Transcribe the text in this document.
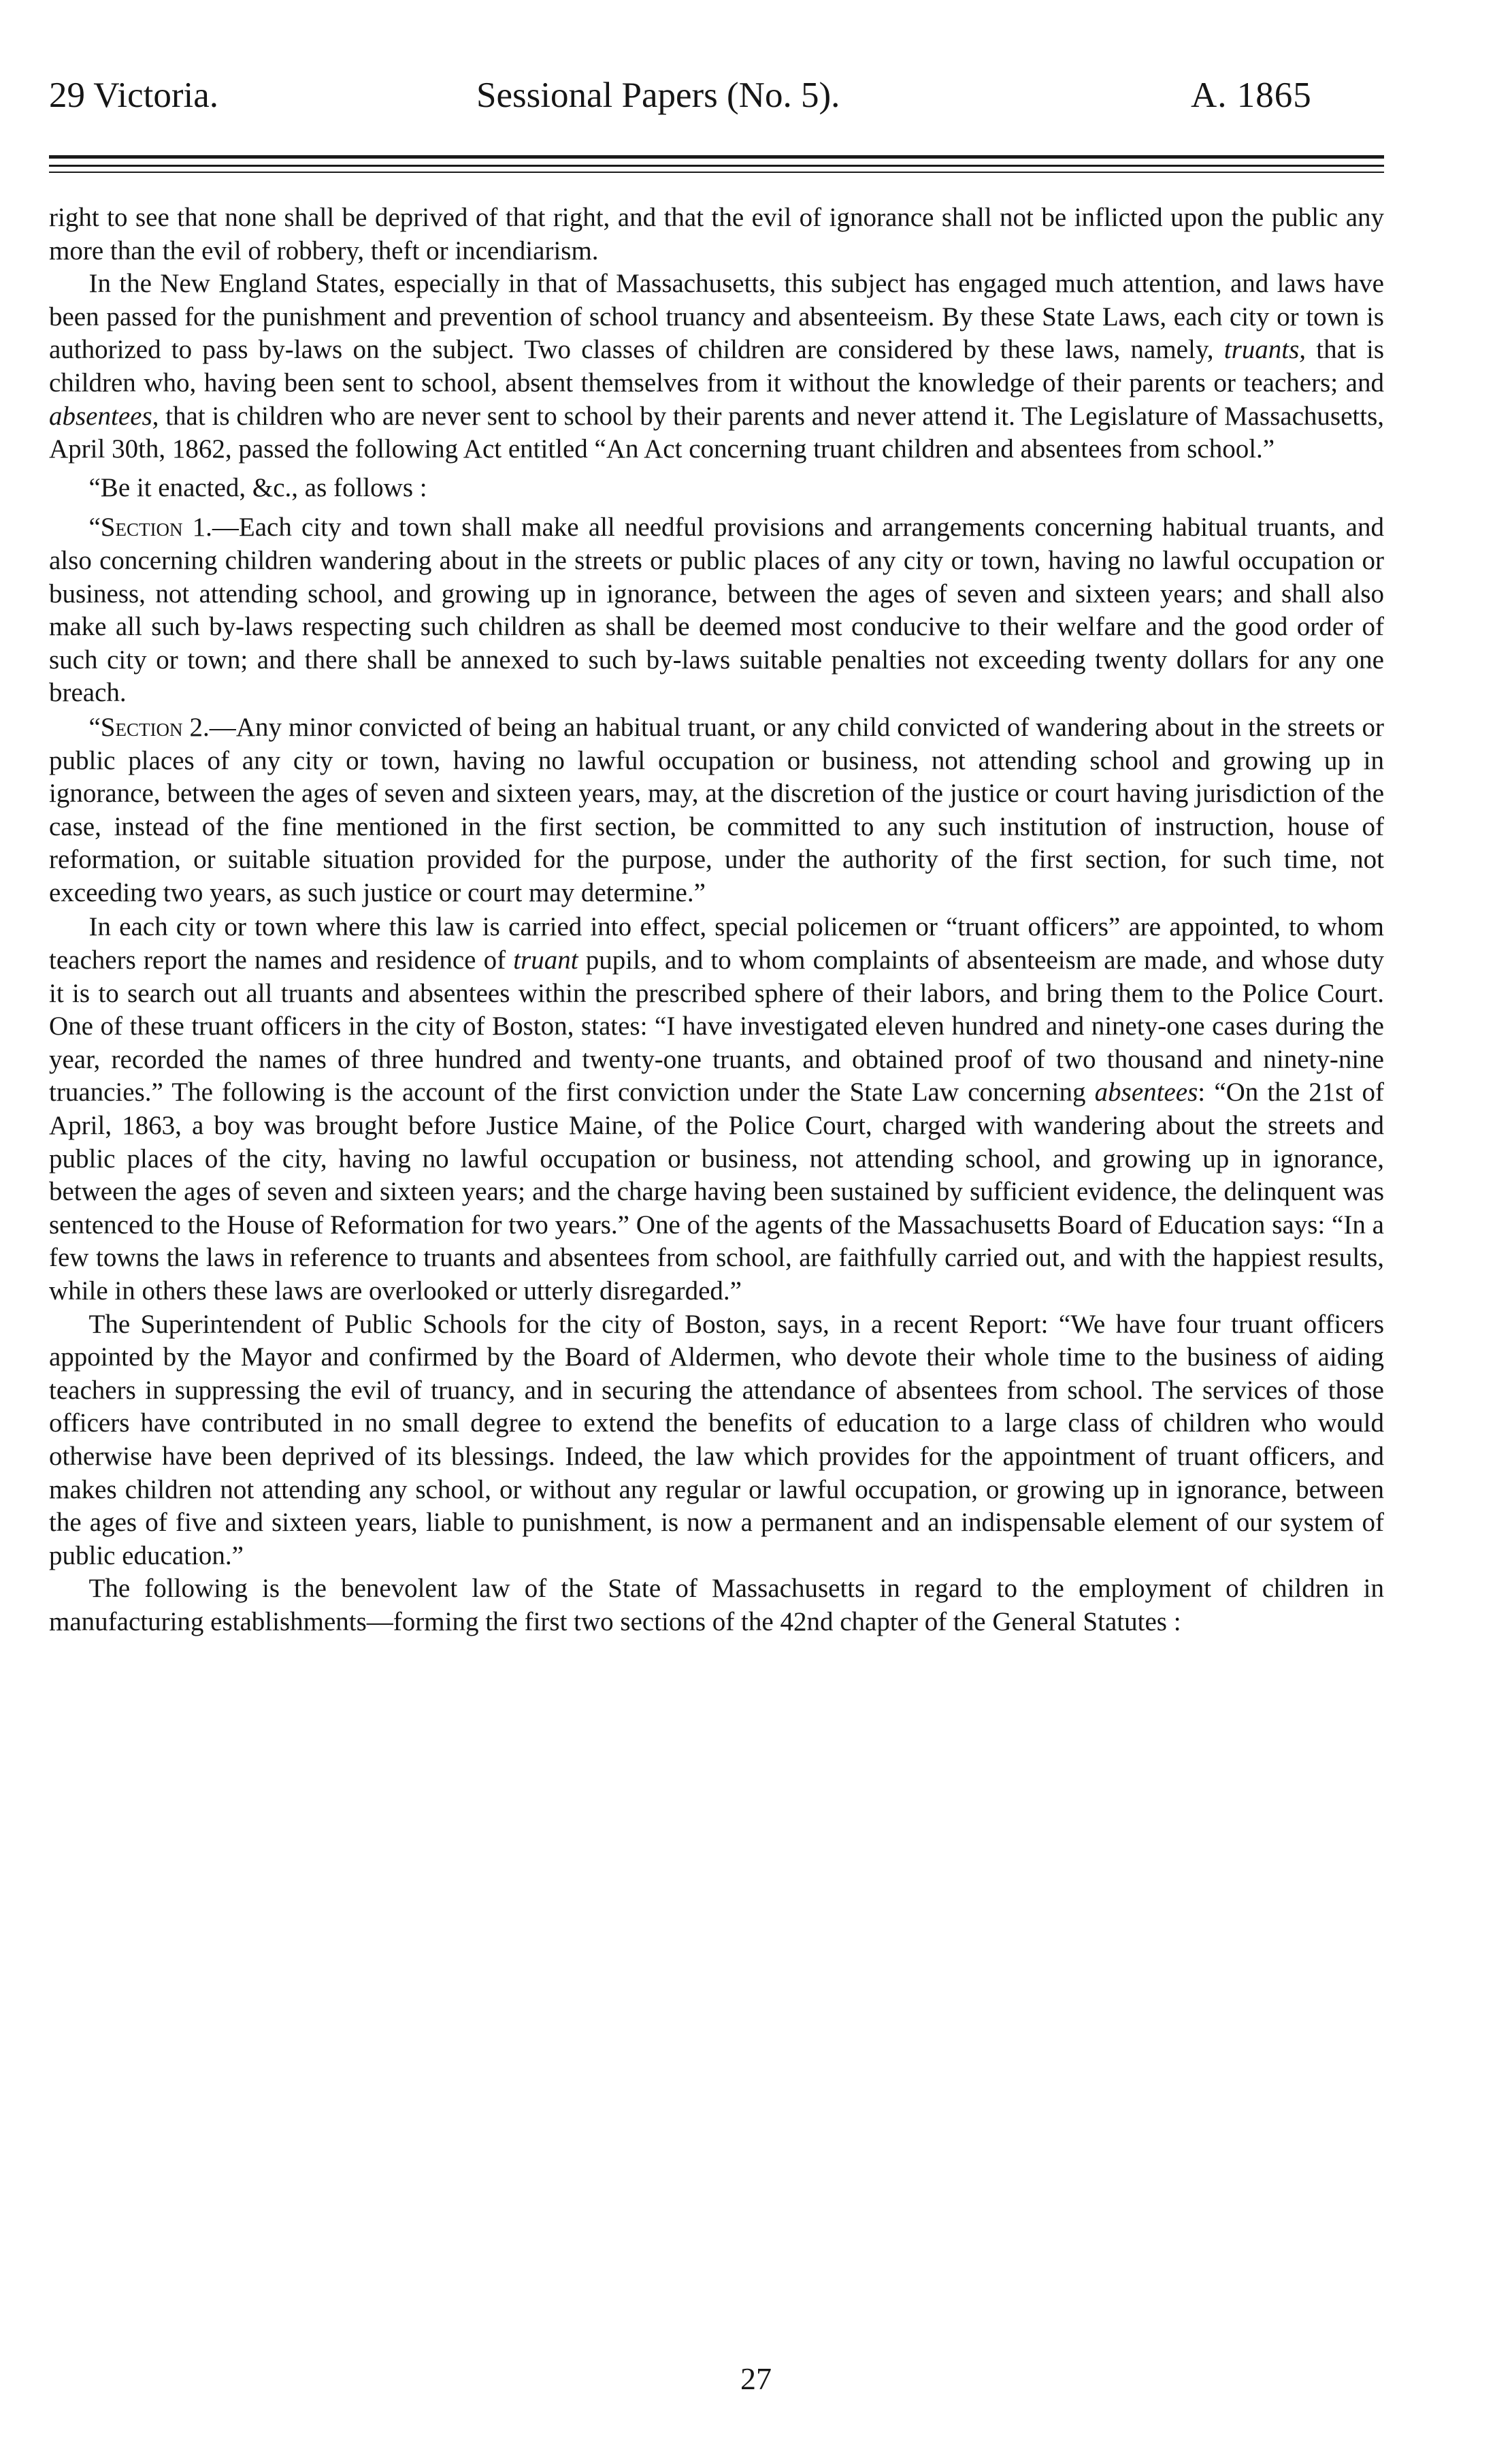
29 Victoria.	Sessional Papers (No. 5).	A. 1865

right to see that none shall be deprived of that right, and that the evil of ignorance shall not be inflicted upon the public any more than the evil of robbery, theft or incendiarism.

In the New England States, especially in that of Massachusetts, this subject has engaged much attention, and laws have been passed for the punishment and prevention of school truancy and absenteeism. By these State Laws, each city or town is authorized to pass by-laws on the subject. Two classes of children are considered by these laws, namely, truants, that is children who, having been sent to school, absent themselves from it without the knowledge of their parents or teachers; and absentees, that is children who are never sent to school by their parents and never attend it. The Legislature of Massachusetts, April 30th, 1862, passed the following Act entitled “An Act concerning truant children and absentees from school.”

“Be it enacted, &c., as follows :

“Section 1.—Each city and town shall make all needful provisions and arrangements concerning habitual truants, and also concerning children wandering about in the streets or public places of any city or town, having no lawful occupation or business, not attending school, and growing up in ignorance, between the ages of seven and sixteen years; and shall also make all such by-laws respecting such children as shall be deemed most conducive to their welfare and the good order of such city or town; and there shall be annexed to such by-laws suitable penalties not exceeding twenty dollars for any one breach.

“Section 2.—Any minor convicted of being an habitual truant, or any child convicted of wandering about in the streets or public places of any city or town, having no lawful occupation or business, not attending school and growing up in ignorance, between the ages of seven and sixteen years, may, at the discretion of the justice or court having jurisdiction of the case, instead of the fine mentioned in the first section, be committed to any such institution of instruction, house of reformation, or suitable situation provided for the purpose, under the authority of the first section, for such time, not exceeding two years, as such justice or court may determine.”

In each city or town where this law is carried into effect, special policemen or “truant officers” are appointed, to whom teachers report the names and residence of truant pupils, and to whom complaints of absenteeism are made, and whose duty it is to search out all truants and absentees within the prescribed sphere of their labors, and bring them to the Police Court. One of these truant officers in the city of Boston, states: “I have investigated eleven hundred and ninety-one cases during the year, recorded the names of three hundred and twenty-one truants, and obtained proof of two thousand and ninety-nine truancies.” The following is the account of the first conviction under the State Law concerning absentees: “On the 21st of April, 1863, a boy was brought before Justice Maine, of the Police Court, charged with wandering about the streets and public places of the city, having no lawful occupation or business, not attending school, and growing up in ignorance, between the ages of seven and sixteen years; and the charge having been sustained by sufficient evidence, the delinquent was sentenced to the House of Reformation for two years.” One of the agents of the Massachusetts Board of Education says: “In a few towns the laws in reference to truants and absentees from school, are faithfully carried out, and with the happiest results, while in others these laws are overlooked or utterly disregarded.”

The Superintendent of Public Schools for the city of Boston, says, in a recent Report: “We have four truant officers appointed by the Mayor and confirmed by the Board of Aldermen, who devote their whole time to the business of aiding teachers in suppressing the evil of truancy, and in securing the attendance of absentees from school. The services of those officers have contributed in no small degree to extend the benefits of education to a large class of children who would otherwise have been deprived of its blessings. Indeed, the law which provides for the appointment of truant officers, and makes children not attending any school, or without any regular or lawful occupation, or growing up in ignorance, between the ages of five and sixteen years, liable to punishment, is now a permanent and an indispensable element of our system of public education.”

The following is the benevolent law of the State of Massachusetts in regard to the employment of children in manufacturing establishments—forming the first two sections of the 42nd chapter of the General Statutes :

27
